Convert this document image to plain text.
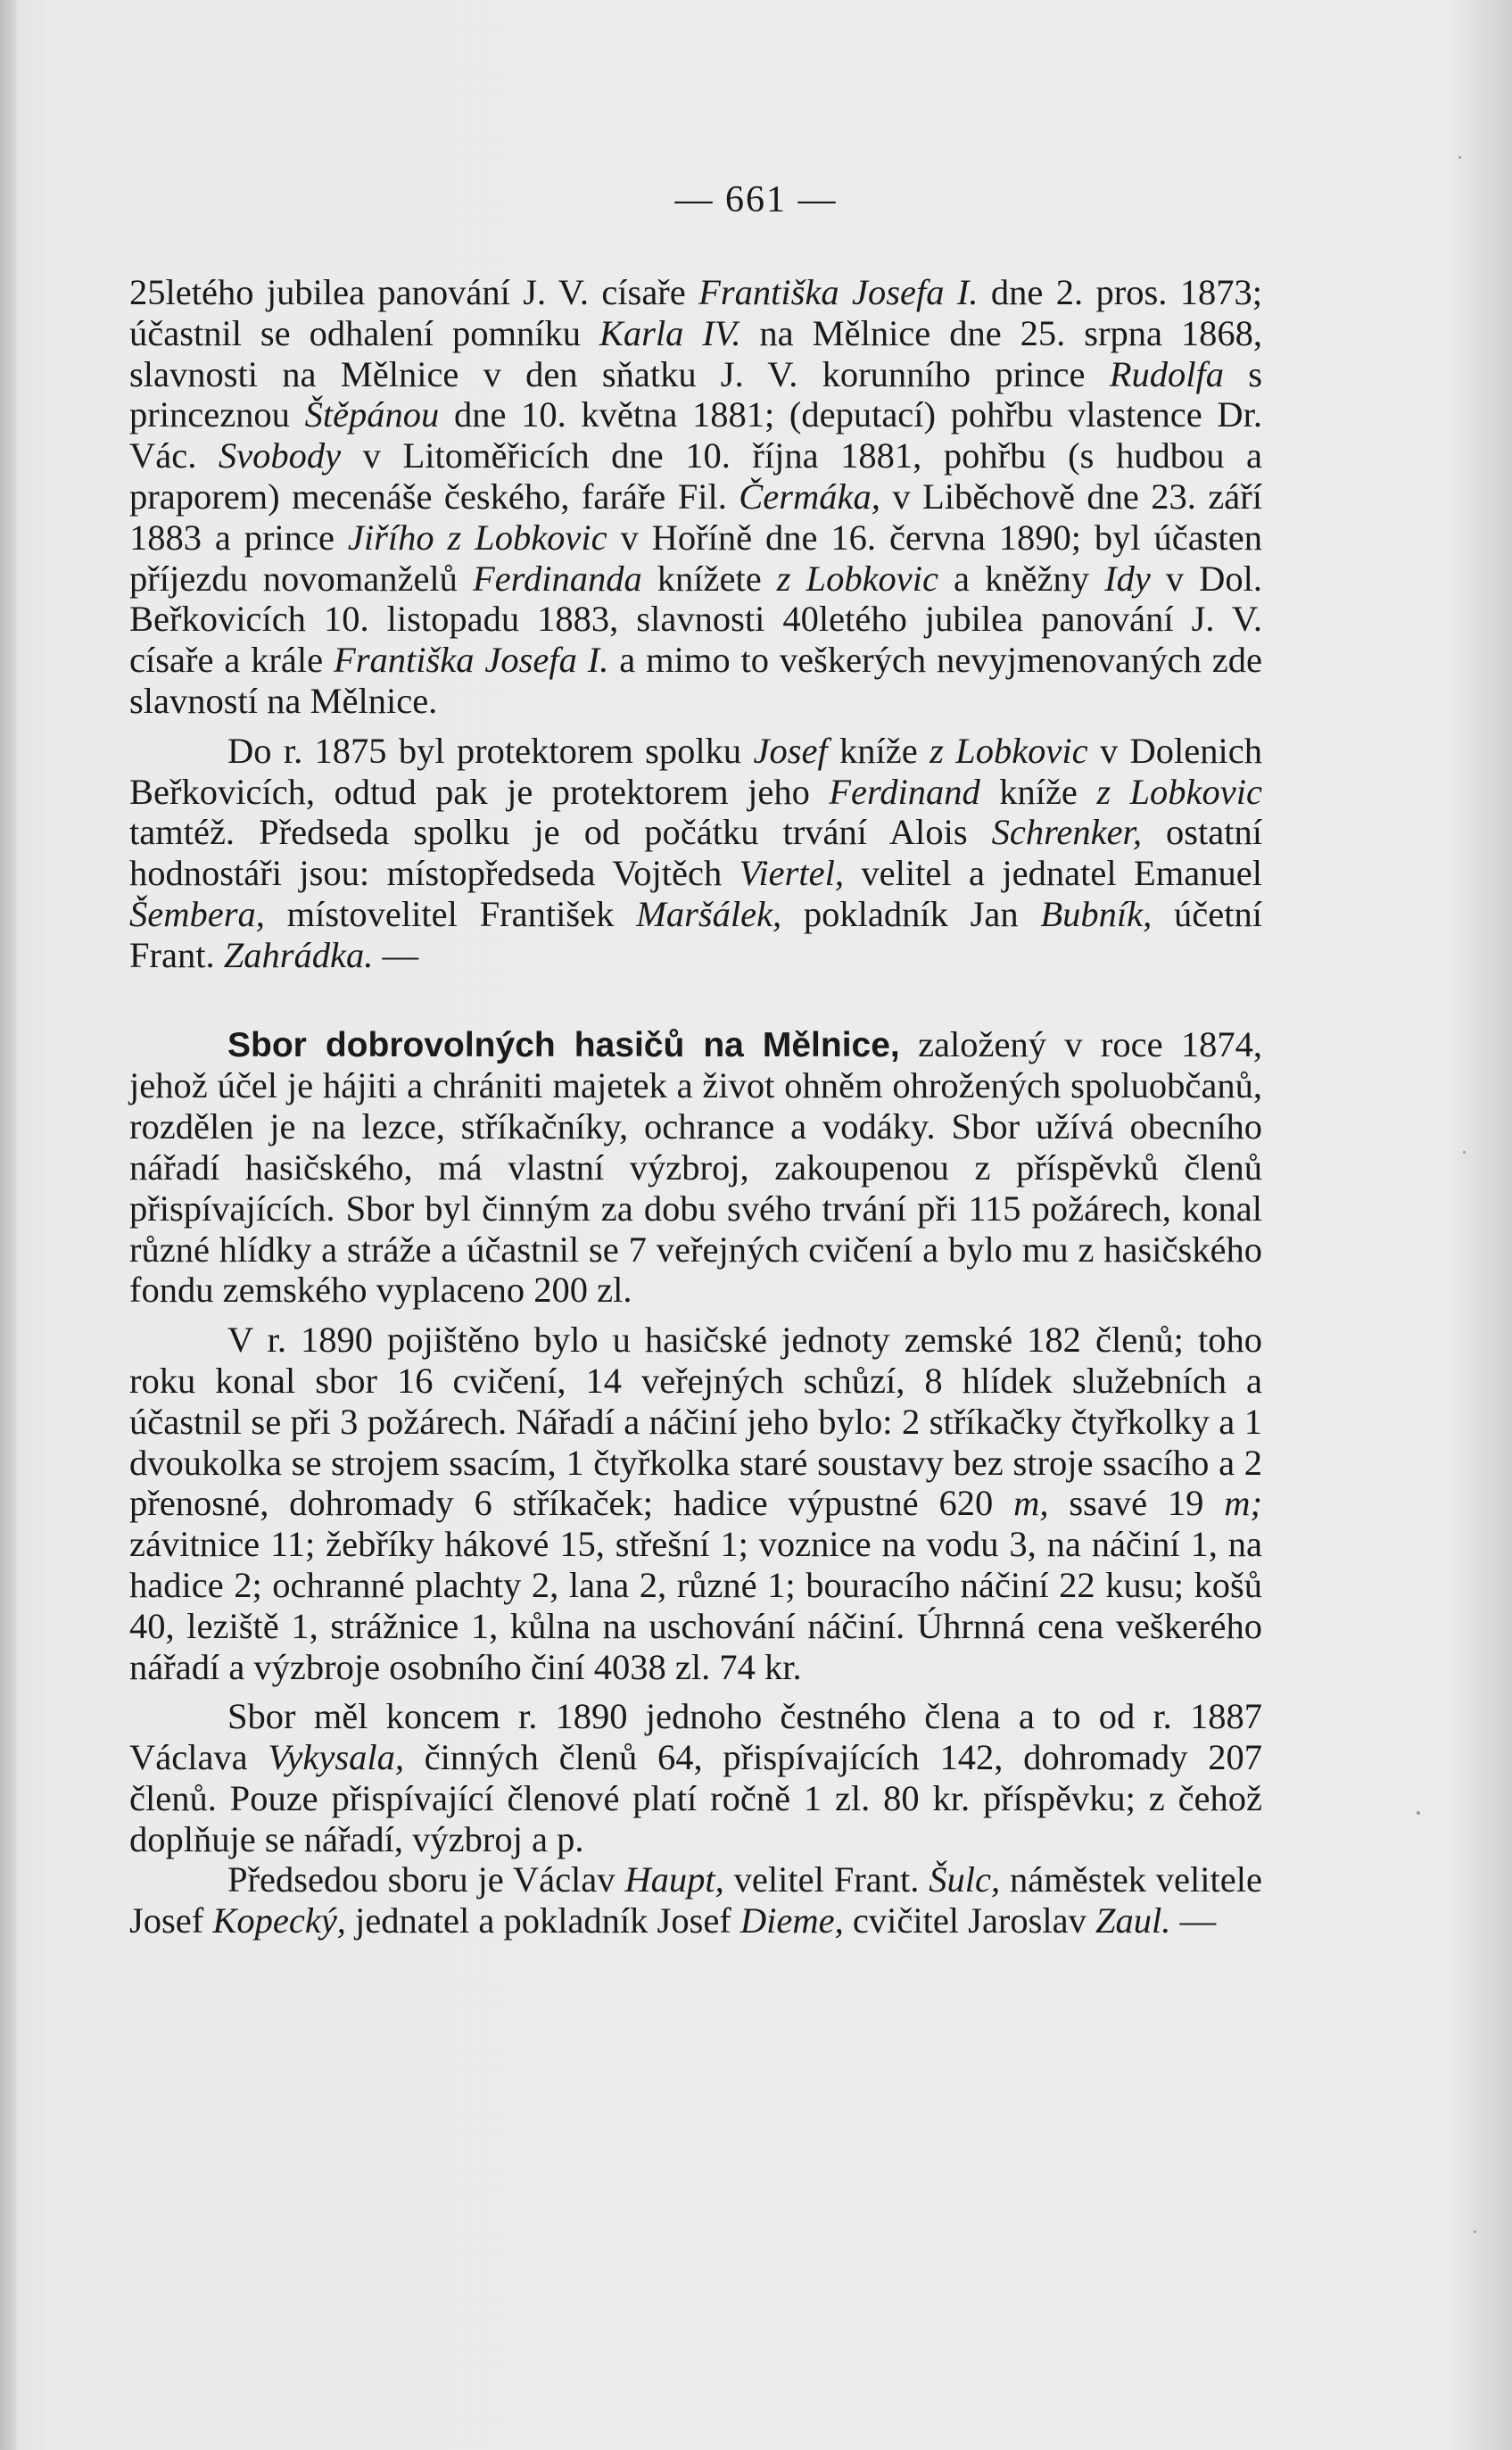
— 661 —

25letého jubilea panování J. V. císaře Františka Josefa I. dne 2. pros. 1873; účastnil se odhalení pomníku Karla IV. na Mělnice dne 25. srpna 1868, slavnosti na Mělnice v den sňatku J. V. korunního prince Rudolfa s princeznou Štěpánou dne 10. května 1881; (deputací) pohřbu vlastence Dr. Vác. Svobody v Litoměřicích dne 10. října 1881, pohřbu (s hudbou a praporem) mecenáše českého, faráře Fil. Čermáka, v Liběchově dne 23. září 1883 a prince Jiřího z Lobkovic v Hoříně dne 16. června 1890; byl účasten příjezdu novomanželů Ferdinanda knížete z Lobkovic a kněžny Idy v Dol. Beřkovicích 10. listopadu 1883, slavnosti 40letého jubilea panování J. V. císaře a krále Františka Josefa I. a mimo to veškerých nevyjmenovaných zde slavností na Mělnice.

Do r. 1875 byl protektorem spolku Josef kníže z Lobkovic v Dolenich Beřkovicích, odtud pak je protektorem jeho Ferdinand kníže z Lobkovic tamtéž. Předseda spolku je od počátku trvání Alois Schrenker, ostatní hodnostáři jsou: místopředseda Vojtěch Viertel, velitel a jednatel Emanuel Šembera, místovelitel František Maršálek, pokladník Jan Bubník, účetní Frant. Zahrádka. —

Sbor dobrovolných hasičů na Mělnice, založený v roce 1874, jehož účel je hájiti a chrániti majetek a život ohněm ohrožených spoluobčanů, rozdělen je na lezce, stříkačníky, ochrance a vodáky. Sbor užívá obecního nářadí hasičského, má vlastní výzbroj, zakoupenou z příspěvků členů přispívajících. Sbor byl činným za dobu svého trvání při 115 požárech, konal různé hlídky a stráže a účastnil se 7 veřejných cvičení a bylo mu z hasičského fondu zemského vyplaceno 200 zl.

V r. 1890 pojištěno bylo u hasičské jednoty zemské 182 členů; toho roku konal sbor 16 cvičení, 14 veřejných schůzí, 8 hlídek služebních a účastnil se při 3 požárech. Nářadí a náčiní jeho bylo: 2 stříkačky čtyřkolky a 1 dvoukolka se strojem ssacím, 1 čtyřkolka staré soustavy bez stroje ssacího a 2 přenosné, dohromady 6 stříkaček; hadice výpustné 620 m, ssavé 19 m; závitnice 11; žebříky hákové 15, střešní 1; voznice na vodu 3, na náčiní 1, na hadice 2; ochranné plachty 2, lana 2, různé 1; bouracího náčiní 22 kusu; košů 40, leziště 1, strážnice 1, kůlna na uschování náčiní. Úhrnná cena veškerého nářadí a výzbroje osobního činí 4038 zl. 74 kr.

Sbor měl koncem r. 1890 jednoho čestného člena a to od r. 1887 Václava Vykysala, činných členů 64, přispívajících 142, dohromady 207 členů. Pouze přispívající členové platí ročně 1 zl. 80 kr. příspěvku; z čehož doplňuje se nářadí, výzbroj a p.

Předsedou sboru je Václav Haupt, velitel Frant. Šulc, náměstek velitele Josef Kopecký, jednatel a pokladník Josef Dieme, cvičitel Jaroslav Zaul. —
